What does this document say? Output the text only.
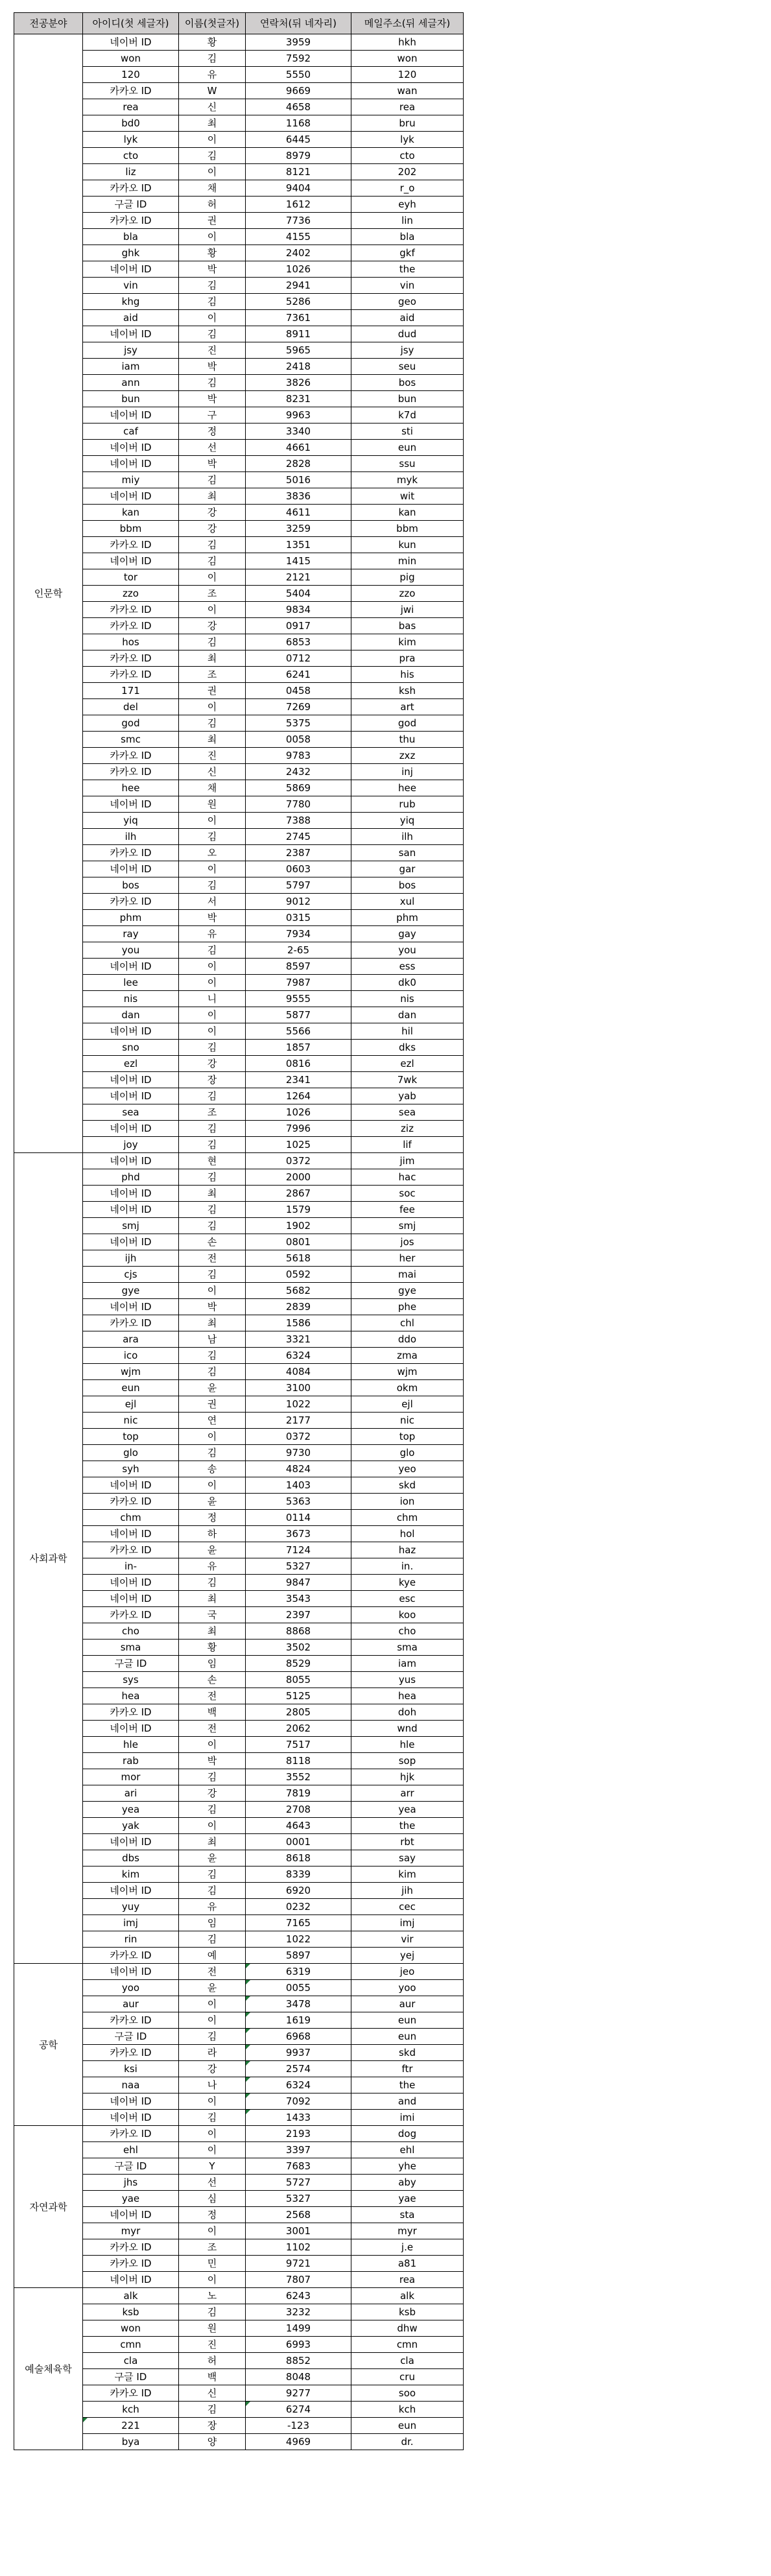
전공분야	아이디(첫 세글자)	이름(첫글자)	연락처(뒤 네자리)	메일주소(뒤 세글자)
인문학	네이버 ID	황	3959	hkh
	won	김	7592	won
	120	유	5550	120
	카카오 ID	W	9669	wan
	rea	신	4658	rea
	bd0	최	1168	bru
	lyk	이	6445	lyk
	cto	김	8979	cto
	liz	이	8121	202
	카카오 ID	채	9404	r_o
	구글 ID	허	1612	eyh
	카카오 ID	권	7736	lin
	bla	이	4155	bla
	ghk	황	2402	gkf
	네이버 ID	박	1026	the
	vin	김	2941	vin
	khg	김	5286	geo
	aid	이	7361	aid
	네이버 ID	김	8911	dud
	jsy	진	5965	jsy
	iam	박	2418	seu
	ann	김	3826	bos
	bun	박	8231	bun
	네이버 ID	구	9963	k7d
	caf	정	3340	sti
	네이버 ID	선	4661	eun
	네이버 ID	박	2828	ssu
	miy	김	5016	myk
	네이버 ID	최	3836	wit
	kan	강	4611	kan
	bbm	강	3259	bbm
	카카오 ID	김	1351	kun
	네이버 ID	김	1415	min
	tor	이	2121	pig
	zzo	조	5404	zzo
	카카오 ID	이	9834	jwi
	카카오 ID	강	0917	bas
	hos	김	6853	kim
	카카오 ID	최	0712	pra
	카카오 ID	조	6241	his
	171	권	0458	ksh
	del	이	7269	art
	god	김	5375	god
	smc	최	0058	thu
	카카오 ID	진	9783	zxz
	카카오 ID	신	2432	inj
	hee	채	5869	hee
	네이버 ID	원	7780	rub
	yiq	이	7388	yiq
	ilh	김	2745	ilh
	카카오 ID	오	2387	san
	네이버 ID	이	0603	gar
	bos	김	5797	bos
	카카오 ID	서	9012	xul
	phm	박	0315	phm
	ray	유	7934	gay
	you	김	2-65	you
	네이버 ID	이	8597	ess
	lee	이	7987	dk0
	nis	니	9555	nis
	dan	이	5877	dan
	네이버 ID	이	5566	hil
	sno	김	1857	dks
	ezl	강	0816	ezl
	네이버 ID	장	2341	7wk
	네이버 ID	김	1264	yab
	sea	조	1026	sea
	네이버 ID	김	7996	ziz
	joy	김	1025	lif
사회과학	네이버 ID	현	0372	jim
	phd	김	2000	hac
	네이버 ID	최	2867	soc
	네이버 ID	김	1579	fee
	smj	김	1902	smj
	네이버 ID	손	0801	jos
	ijh	전	5618	her
	cjs	김	0592	mai
	gye	이	5682	gye
	네이버 ID	박	2839	phe
	카카오 ID	최	1586	chl
	ara	남	3321	ddo
	ico	김	6324	zma
	wjm	김	4084	wjm
	eun	윤	3100	okm
	ejl	권	1022	ejl
	nic	연	2177	nic
	top	이	0372	top
	glo	김	9730	glo
	syh	송	4824	yeo
	네이버 ID	이	1403	skd
	카카오 ID	윤	5363	ion
	chm	정	0114	chm
	네이버 ID	하	3673	hol
	카카오 ID	윤	7124	haz
	in-	유	5327	in.
	네이버 ID	김	9847	kye
	네이버 ID	최	3543	esc
	카카오 ID	국	2397	koo
	cho	최	8868	cho
	sma	황	3502	sma
	구글 ID	임	8529	iam
	sys	손	8055	yus
	hea	전	5125	hea
	카카오 ID	백	2805	doh
	네이버 ID	전	2062	wnd
	hle	이	7517	hle
	rab	박	8118	sop
	mor	김	3552	hjk
	ari	강	7819	arr
	yea	김	2708	yea
	yak	이	4643	the
	네이버 ID	최	0001	rbt
	dbs	윤	8618	say
	kim	김	8339	kim
	네이버 ID	김	6920	jih
	yuy	유	0232	cec
	imj	임	7165	imj
	rin	김	1022	vir
	카카오 ID	예	5897	yej
공학	네이버 ID	전	6319	jeo
	yoo	윤	0055	yoo
	aur	이	3478	aur
	카카오 ID	이	1619	eun
	구글 ID	김	6968	eun
	카카오 ID	라	9937	skd
	ksi	강	2574	ftr
	naa	나	6324	the
	네이버 ID	이	7092	and
	네이버 ID	김	1433	imi
자연과학	카카오 ID	이	2193	dog
	ehl	이	3397	ehl
	구글 ID	Y	7683	yhe
	jhs	선	5727	aby
	yae	심	5327	yae
	네이버 ID	정	2568	sta
	myr	이	3001	myr
	카카오 ID	조	1102	j.e
	카카오 ID	민	9721	a81
	네이버 ID	이	7807	rea
예술체육학	alk	노	6243	alk
	ksb	김	3232	ksb
	won	원	1499	dhw
	cmn	진	6993	cmn
	cla	허	8852	cla
	구글 ID	백	8048	cru
	카카오 ID	신	9277	soo
	kch	김	6274	kch
	221	장	-123	eun
	bya	양	4969	dr.
